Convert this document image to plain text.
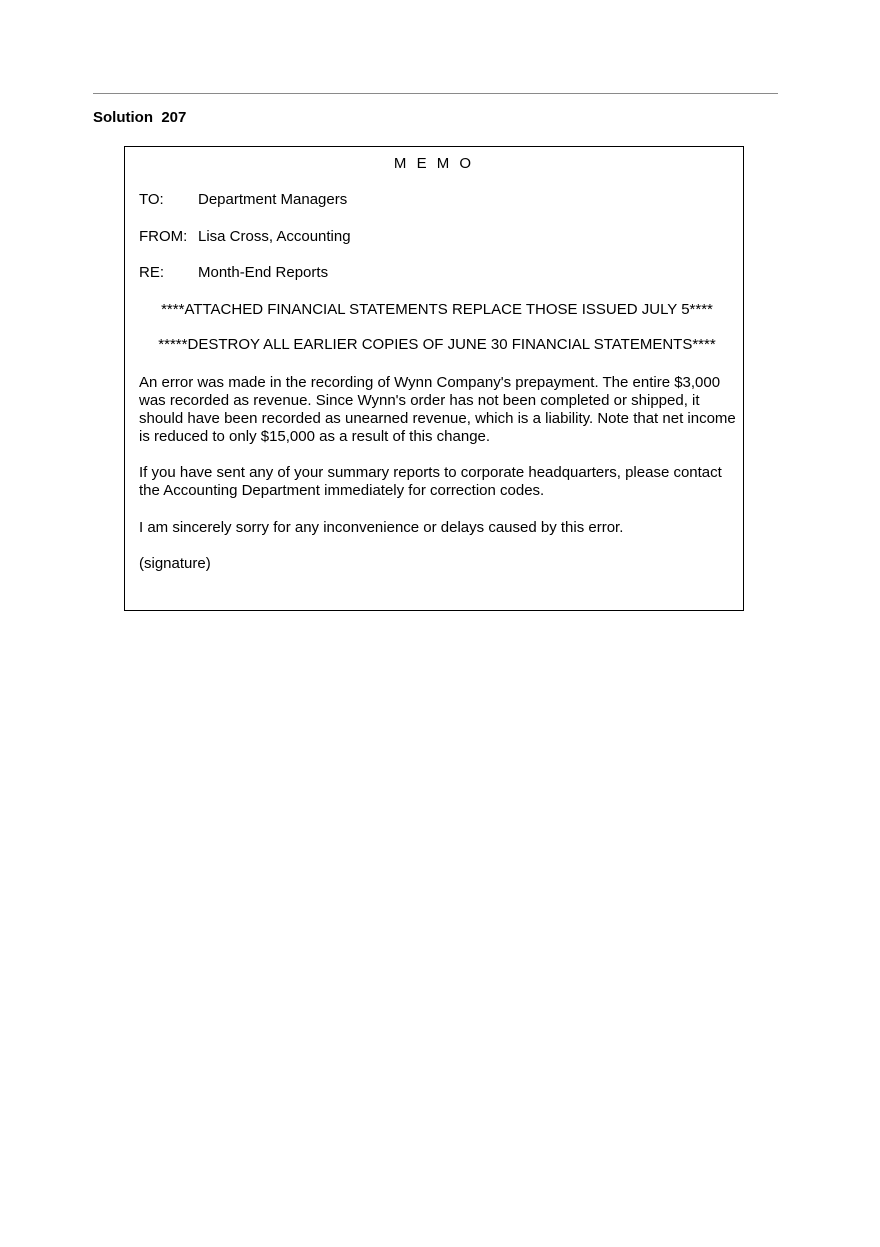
Solution  207
M E M O
TO:	Department Managers
FROM: Lisa Cross, Accounting
RE:	Month-End Reports
****ATTACHED FINANCIAL STATEMENTS REPLACE THOSE ISSUED JULY 5****
*****DESTROY ALL EARLIER COPIES OF JUNE 30 FINANCIAL STATEMENTS****
An error was made in the recording of Wynn Company's prepayment. The entire $3,000 was recorded as revenue. Since Wynn's order has not been completed or shipped, it should have been recorded as unearned revenue, which is a liability. Note that net income is reduced to only $15,000 as a result of this change.
If you have sent any of your summary reports to corporate headquarters, please contact the Accounting Department immediately for correction codes.
I am sincerely sorry for any inconvenience or delays caused by this error.
(signature)
